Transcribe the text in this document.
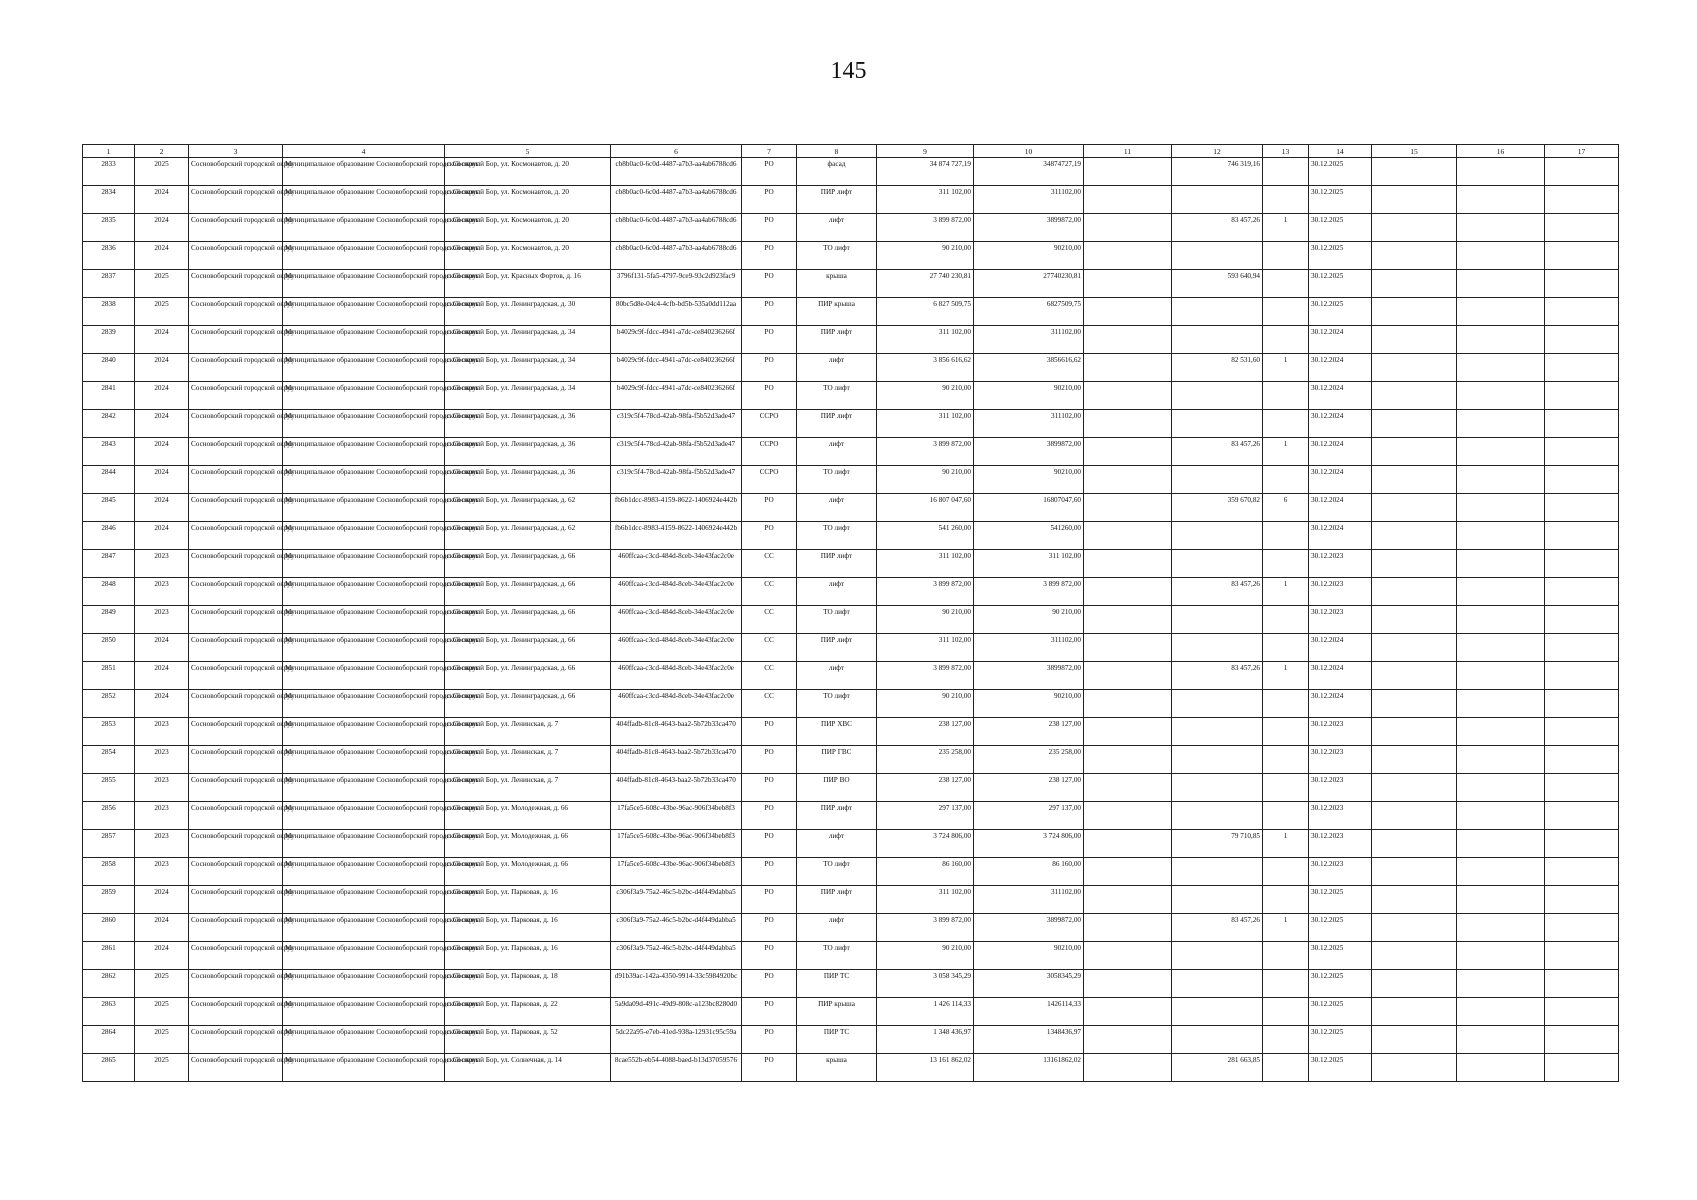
145
1	2	3	4	5	6	7	8	9	10	11	12	13	14	15	16	17
2833	2025	Сосновоборский городской округ	Муниципальное образование Сосновоборский городской округ	г. Сосновый Бор, ул. Космонавтов, д. 20	cb8b0ac0-6c0d-4487-a7b3-aa4ab6788cd6	РО	фасад	34 874 727,19	34874727,19		746 319,16		30.12.2025			
2834	2024	Сосновоборский городской округ	Муниципальное образование Сосновоборский городской округ	г. Сосновый Бор, ул. Космонавтов, д. 20	cb8b0ac0-6c0d-4487-a7b3-aa4ab6788cd6	РО	ПИР лифт	311 102,00	311102,00				30.12.2025			
2835	2024	Сосновоборский городской округ	Муниципальное образование Сосновоборский городской округ	г. Сосновый Бор, ул. Космонавтов, д. 20	cb8b0ac0-6c0d-4487-a7b3-aa4ab6788cd6	РО	лифт	3 899 872,00	3899872,00		83 457,26	1	30.12.2025			
2836	2024	Сосновоборский городской округ	Муниципальное образование Сосновоборский городской округ	г. Сосновый Бор, ул. Космонавтов, д. 20	cb8b0ac0-6c0d-4487-a7b3-aa4ab6788cd6	РО	ТО лифт	90 210,00	90210,00				30.12.2025			
2837	2025	Сосновоборский городской округ	Муниципальное образование Сосновоборский городской округ	г. Сосновый Бор, ул. Красных Фортов, д. 16	3796f131-5fa5-4797-9ce9-93c2d923fac9	РО	крыша	27 740 230,81	27740230,81		593 640,94		30.12.2025			
2838	2025	Сосновоборский городской округ	Муниципальное образование Сосновоборский городской округ	г. Сосновый Бор, ул. Ленинградская, д. 30	80bc5d8e-04c4-4cfb-bd5b-535a0dd112aa	РО	ПИР крыша	6 827 509,75	6827509,75				30.12.2025			
2839	2024	Сосновоборский городской округ	Муниципальное образование Сосновоборский городской округ	г. Сосновый Бор, ул. Ленинградская, д. 34	b4029c9f-fdcc-4941-a7dc-ce840236266f	РО	ПИР лифт	311 102,00	311102,00				30.12.2024			
2840	2024	Сосновоборский городской округ	Муниципальное образование Сосновоборский городской округ	г. Сосновый Бор, ул. Ленинградская, д. 34	b4029c9f-fdcc-4941-a7dc-ce840236266f	РО	лифт	3 856 616,62	3856616,62		82 531,60	1	30.12.2024			
2841	2024	Сосновоборский городской округ	Муниципальное образование Сосновоборский городской округ	г. Сосновый Бор, ул. Ленинградская, д. 34	b4029c9f-fdcc-4941-a7dc-ce840236266f	РО	ТО лифт	90 210,00	90210,00				30.12.2024			
2842	2024	Сосновоборский городской округ	Муниципальное образование Сосновоборский городской округ	г. Сосновый Бор, ул. Ленинградская, д. 36	c319c5f4-78cd-42ab-98fa-f5b52d3ade47	ССРО	ПИР лифт	311 102,00	311102,00				30.12.2024			
2843	2024	Сосновоборский городской округ	Муниципальное образование Сосновоборский городской округ	г. Сосновый Бор, ул. Ленинградская, д. 36	c319c5f4-78cd-42ab-98fa-f5b52d3ade47	ССРО	лифт	3 899 872,00	3899872,00		83 457,26	1	30.12.2024			
2844	2024	Сосновоборский городской округ	Муниципальное образование Сосновоборский городской округ	г. Сосновый Бор, ул. Ленинградская, д. 36	c319c5f4-78cd-42ab-98fa-f5b52d3ade47	ССРО	ТО лифт	90 210,00	90210,00				30.12.2024			
2845	2024	Сосновоборский городской округ	Муниципальное образование Сосновоборский городской округ	г. Сосновый Бор, ул. Ленинградская, д. 62	fb6b1dcc-8983-4159-8622-1406924e442b	РО	лифт	16 807 047,60	16807047,60		359 670,82	6	30.12.2024			
2846	2024	Сосновоборский городской округ	Муниципальное образование Сосновоборский городской округ	г. Сосновый Бор, ул. Ленинградская, д. 62	fb6b1dcc-8983-4159-8622-1406924e442b	РО	ТО лифт	541 260,00	541260,00				30.12.2024			
2847	2023	Сосновоборский городской округ	Муниципальное образование Сосновоборский городской округ	г. Сосновый Бор, ул. Ленинградская, д. 66	460ffcaa-c3cd-484d-8ceb-34e43fac2c0e	СС	ПИР лифт	311 102,00	311 102,00				30.12.2023			
2848	2023	Сосновоборский городской округ	Муниципальное образование Сосновоборский городской округ	г. Сосновый Бор, ул. Ленинградская, д. 66	460ffcaa-c3cd-484d-8ceb-34e43fac2c0e	СС	лифт	3 899 872,00	3 899 872,00		83 457,26	1	30.12.2023			
2849	2023	Сосновоборский городской округ	Муниципальное образование Сосновоборский городской округ	г. Сосновый Бор, ул. Ленинградская, д. 66	460ffcaa-c3cd-484d-8ceb-34e43fac2c0e	СС	ТО лифт	90 210,00	90 210,00				30.12.2023			
2850	2024	Сосновоборский городской округ	Муниципальное образование Сосновоборский городской округ	г. Сосновый Бор, ул. Ленинградская, д. 66	460ffcaa-c3cd-484d-8ceb-34e43fac2c0e	СС	ПИР лифт	311 102,00	311102,00				30.12.2024			
2851	2024	Сосновоборский городской округ	Муниципальное образование Сосновоборский городской округ	г. Сосновый Бор, ул. Ленинградская, д. 66	460ffcaa-c3cd-484d-8ceb-34e43fac2c0e	СС	лифт	3 899 872,00	3899872,00		83 457,26	1	30.12.2024			
2852	2024	Сосновоборский городской округ	Муниципальное образование Сосновоборский городской округ	г. Сосновый Бор, ул. Ленинградская, д. 66	460ffcaa-c3cd-484d-8ceb-34e43fac2c0e	СС	ТО лифт	90 210,00	90210,00				30.12.2024			
2853	2023	Сосновоборский городской округ	Муниципальное образование Сосновоборский городской округ	г. Сосновый Бор, ул. Ленинская, д. 7	404ffadb-81c8-4643-baa2-5b72b33ca470	РО	ПИР ХВС	238 127,00	238 127,00				30.12.2023			
2854	2023	Сосновоборский городской округ	Муниципальное образование Сосновоборский городской округ	г. Сосновый Бор, ул. Ленинская, д. 7	404ffadb-81c8-4643-baa2-5b72b33ca470	РО	ПИР ГВС	235 258,00	235 258,00				30.12.2023			
2855	2023	Сосновоборский городской округ	Муниципальное образование Сосновоборский городской округ	г. Сосновый Бор, ул. Ленинская, д. 7	404ffadb-81c8-4643-baa2-5b72b33ca470	РО	ПИР ВО	238 127,00	238 127,00				30.12.2023			
2856	2023	Сосновоборский городской округ	Муниципальное образование Сосновоборский городской округ	г. Сосновый Бор, ул. Молодежная, д. 66	17fa5ce5-608c-43be-96ac-906f34beb8f3	РО	ПИР лифт	297 137,00	297 137,00				30.12.2023			
2857	2023	Сосновоборский городской округ	Муниципальное образование Сосновоборский городской округ	г. Сосновый Бор, ул. Молодежная, д. 66	17fa5ce5-608c-43be-96ac-906f34beb8f3	РО	лифт	3 724 806,00	3 724 806,00		79 710,85	1	30.12.2023			
2858	2023	Сосновоборский городской округ	Муниципальное образование Сосновоборский городской округ	г. Сосновый Бор, ул. Молодежная, д. 66	17fa5ce5-608c-43be-96ac-906f34beb8f3	РО	ТО лифт	86 160,00	86 160,00				30.12.2023			
2859	2024	Сосновоборский городской округ	Муниципальное образование Сосновоборский городской округ	г. Сосновый Бор, ул. Парковая, д. 16	c306f3a9-75a2-46c5-b2bc-d4f449dabba5	РО	ПИР лифт	311 102,00	311102,00				30.12.2025			
2860	2024	Сосновоборский городской округ	Муниципальное образование Сосновоборский городской округ	г. Сосновый Бор, ул. Парковая, д. 16	c306f3a9-75a2-46c5-b2bc-d4f449dabba5	РО	лифт	3 899 872,00	3899872,00		83 457,26	1	30.12.2025			
2861	2024	Сосновоборский городской округ	Муниципальное образование Сосновоборский городской округ	г. Сосновый Бор, ул. Парковая, д. 16	c306f3a9-75a2-46c5-b2bc-d4f449dabba5	РО	ТО лифт	90 210,00	90210,00				30.12.2025			
2862	2025	Сосновоборский городской округ	Муниципальное образование Сосновоборский городской округ	г. Сосновый Бор, ул. Парковая, д. 18	d91b39ac-142a-4350-9914-33c5984920bc	РО	ПИР ТС	3 058 345,29	3058345,29				30.12.2025			
2863	2025	Сосновоборский городской округ	Муниципальное образование Сосновоборский городской округ	г. Сосновый Бор, ул. Парковая, д. 22	5a9da09d-491c-49d9-808c-a123bc8280d0	РО	ПИР крыша	1 426 114,33	1426114,33				30.12.2025			
2864	2025	Сосновоборский городской округ	Муниципальное образование Сосновоборский городской округ	г. Сосновый Бор, ул. Парковая, д. 52	5dc22a95-e7eb-41ed-938a-12931c95c59a	РО	ПИР ТС	1 348 436,97	1348436,97				30.12.2025			
2865	2025	Сосновоборский городской округ	Муниципальное образование Сосновоборский городской округ	г. Сосновый Бор, ул. Солнечная, д. 14	8cae552b-eb54-4088-baed-b13d37059576	РО	крыша	13 161 862,02	13161862,02		281 663,85		30.12.2025			
